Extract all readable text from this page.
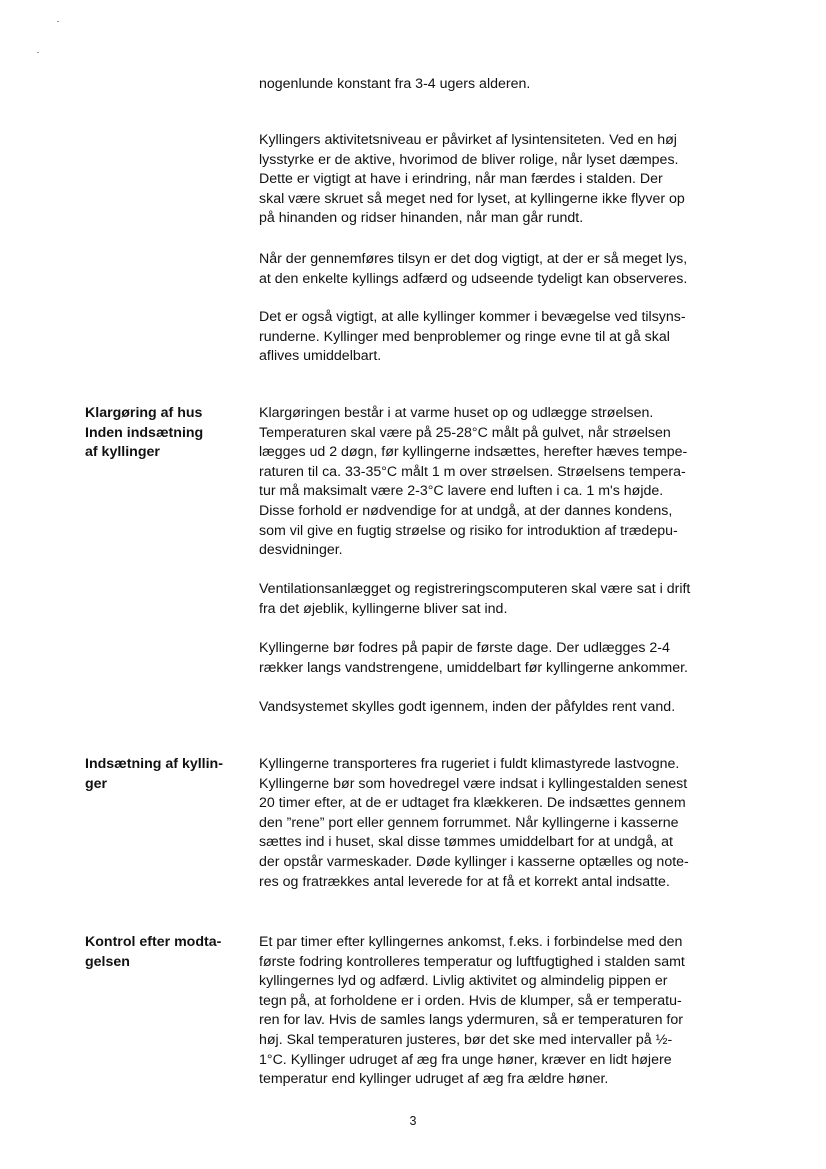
nogenlunde konstant fra 3-4 ugers alderen.
Kyllingers aktivitetsniveau er påvirket af lysintensiteten. Ved en høj
lysstyrke er de aktive, hvorimod de bliver rolige, når lyset dæmpes.
Dette er vigtigt at have i erindring, når man færdes i stalden. Der
skal være skruet så meget ned for lyset, at kyllingerne ikke flyver op
på hinanden og ridser hinanden, når man går rundt.
Når der gennemføres tilsyn er det dog vigtigt, at der er så meget lys,
at den enkelte kyllings adfærd og udseende tydeligt kan observeres.
Det er også vigtigt, at alle kyllinger kommer i bevægelse ved tilsyns-
runderne. Kyllinger med benproblemer og ringe evne til at gå skal
aflives umiddelbart.
Klargøring af hus
Inden indsætning
af kyllinger
Klargøringen består i at varme huset op og udlægge strøelsen.
Temperaturen skal være på 25-28°C målt på gulvet, når strøelsen
lægges ud 2 døgn, før kyllingerne indsættes, herefter hæves tempe-
raturen til ca. 33-35°C målt 1 m over strøelsen. Strøelsens tempera-
tur må maksimalt være 2-3°C lavere end luften i ca. 1 m's højde.
Disse forhold er nødvendige for at undgå, at der dannes kondens,
som vil give en fugtig strøelse og risiko for introduktion af trædepu-
desvidninger.
Ventilationsanlægget og registreringscomputeren skal være sat i drift
fra det øjeblik, kyllingerne bliver sat ind.
Kyllingerne bør fodres på papir de første dage. Der udlægges 2-4
rækker langs vandstrengene, umiddelbart før kyllingerne ankommer.
Vandsystemet skylles godt igennem, inden der påfyldes rent vand.
Indsætning af kyllin-
ger
Kyllingerne transporteres fra rugeriet i fuldt klimastyrede lastvogne.
Kyllingerne bør som hovedregel være indsat i kyllingestalden senest
20 timer efter, at de er udtaget fra klækkeren. De indsættes gennem
den ”rene” port eller gennem forrummet. Når kyllingerne i kasserne
sættes ind i huset, skal disse tømmes umiddelbart for at undgå, at
der opstår varmeskader. Døde kyllinger i kasserne optælles og note-
res og fratrækkes antal leverede for at få et korrekt antal indsatte.
Kontrol efter modta-
gelsen
Et par timer efter kyllingernes ankomst, f.eks. i forbindelse med den
første fodring kontrolleres temperatur og luftfugtighed i stalden samt
kyllingernes lyd og adfærd. Livlig aktivitet og almindelig pippen er
tegn på, at forholdene er i orden. Hvis de klumper, så er temperatu-
ren for lav. Hvis de samles langs ydermuren, så er temperaturen for
høj. Skal temperaturen justeres, bør det ske med intervaller på ½-
1°C. Kyllinger udruget af æg fra unge høner, kræver en lidt højere
temperatur end kyllinger udruget af æg fra ældre høner.
3
